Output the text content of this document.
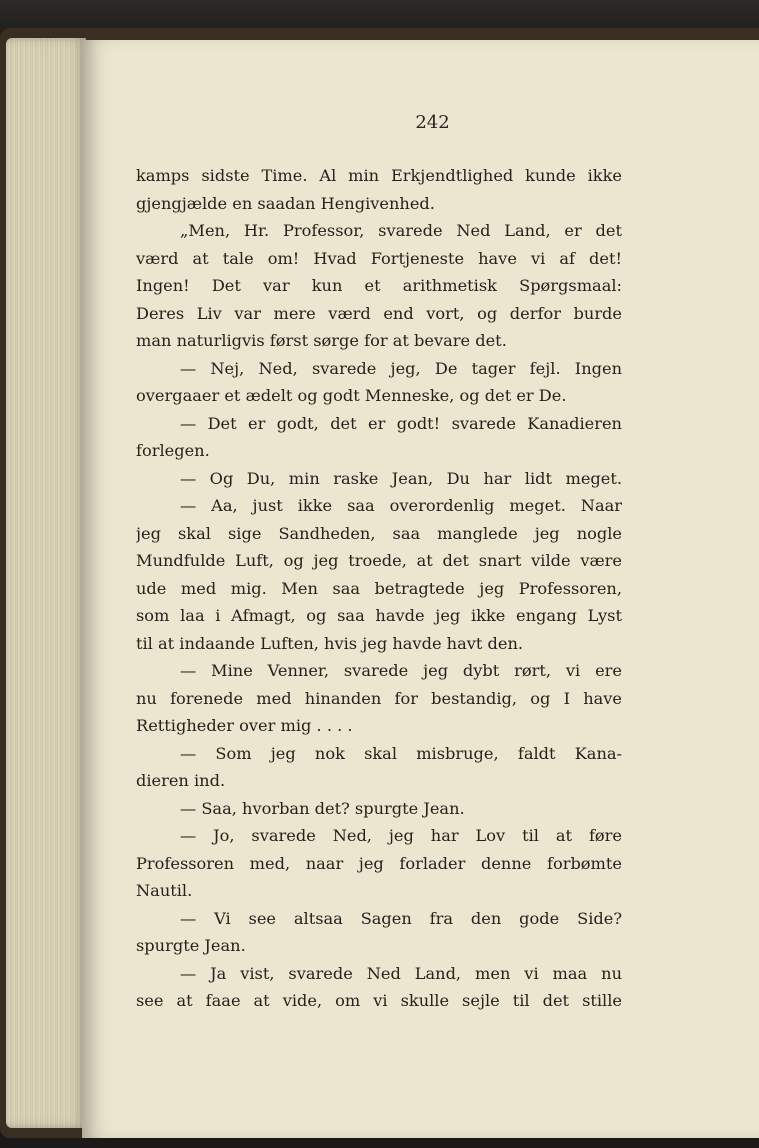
242
kamps sidste Time. Al min Erkjendtlighed kunde ikke
gjengjælde en saadan Hengivenhed.
„Men, Hr. Professor, svarede Ned Land, er det
værd at tale om! Hvad Fortjeneste have vi af det!
Ingen! Det var kun et arithmetisk Spørgsmaal:
Deres Liv var mere værd end vort, og derfor burde
man naturligvis først sørge for at bevare det.
— Nej, Ned, svarede jeg, De tager fejl. Ingen
overgaaer et ædelt og godt Menneske, og det er De.
— Det er godt, det er godt! svarede Kanadieren
forlegen.
— Og Du, min raske Jean, Du har lidt meget.
— Aa, just ikke saa overordenlig meget. Naar
jeg skal sige Sandheden, saa manglede jeg nogle
Mundfulde Luft, og jeg troede, at det snart vilde være
ude med mig. Men saa betragtede jeg Professoren,
som laa i Afmagt, og saa havde jeg ikke engang Lyst
til at indaande Luften, hvis jeg havde havt den.
— Mine Venner, svarede jeg dybt rørt, vi ere
nu forenede med hinanden for bestandig, og I have
Rettigheder over mig . . . .
— Som jeg nok skal misbruge, faldt Kana-
dieren ind.
— Saa, hvorban det? spurgte Jean.
— Jo, svarede Ned, jeg har Lov til at føre
Professoren med, naar jeg forlader denne forbømte
Nautil.
— Vi see altsaa Sagen fra den gode Side?
spurgte Jean.
— Ja vist, svarede Ned Land, men vi maa nu
see at faae at vide, om vi skulle sejle til det stille
